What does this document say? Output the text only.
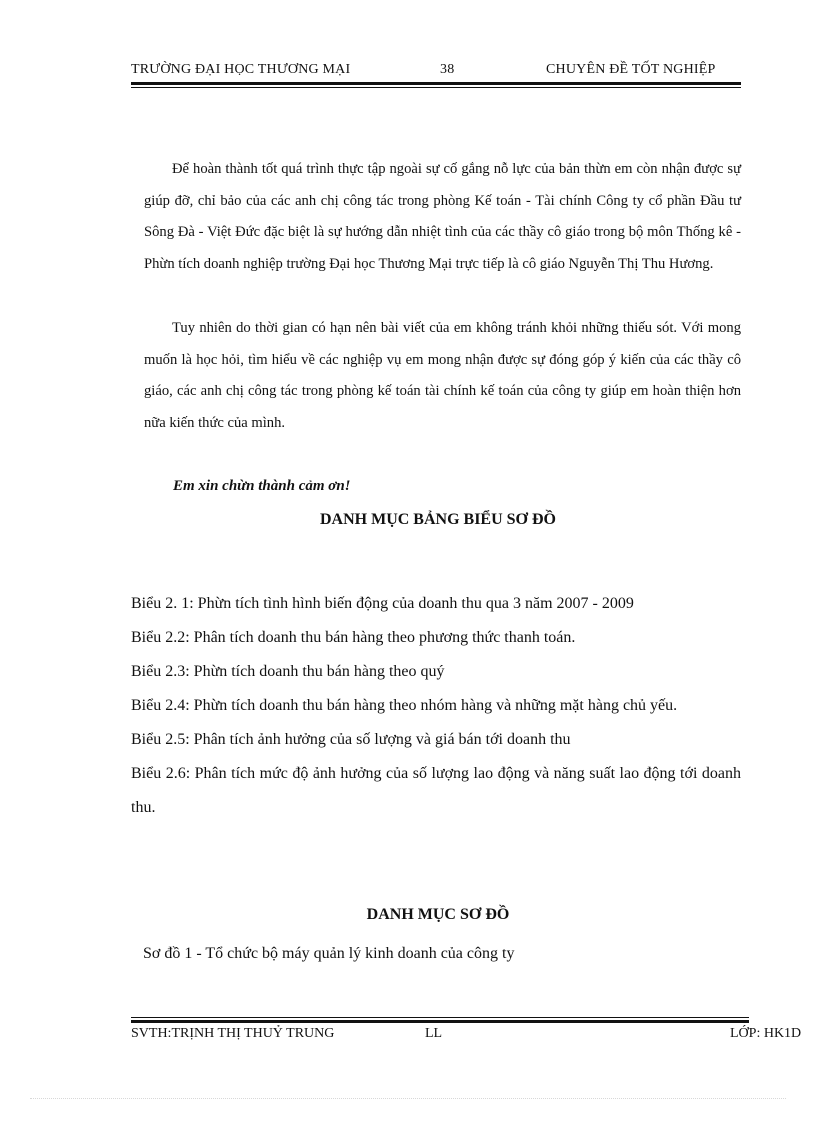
TRƯỜNG ĐẠI HỌC THƯƠNG MẠI	38	CHUYÊN ĐỀ TỐT NGHIỆP

Để hoàn thành tốt quá trình thực tập ngoài sự cố gắng nỗ lực của bản thừn em còn nhận được sự giúp đỡ, chỉ bảo của các anh chị công tác trong phòng Kế toán - Tài chính Công ty cổ phần Đầu tư Sông Đà - Việt Đức đặc biệt là sự hướng dẫn nhiệt tình của các thầy cô giáo trong bộ môn Thống kê - Phừn tích doanh nghiệp trường Đại học Thương Mại trực tiếp là cô giáo Nguyễn Thị Thu Hương.

Tuy nhiên do thời gian có hạn nên bài viết của em không tránh khỏi những thiếu sót. Với mong muốn là học hỏi, tìm hiểu về các nghiệp vụ em mong nhận được sự đóng góp ý kiến của các thầy cô giáo, các anh chị công tác trong phòng kế toán tài chính kế toán của công ty giúp em hoàn thiện hơn nữa kiến thức của mình.

Em xin chừn thành cảm ơn!
DANH MỤC BẢNG BIỂU SƠ ĐỒ
Biểu 2. 1: Phừn tích tình hình biến động của doanh thu qua 3 năm 2007 - 2009
Biểu 2.2: Phân tích doanh thu bán hàng theo phương thức thanh toán.
Biểu 2.3: Phừn tích doanh thu bán hàng theo quý
Biểu 2.4: Phừn tích doanh thu bán hàng theo nhóm hàng và những mặt hàng chủ yếu.
Biểu 2.5: Phân tích ảnh hưởng của số lượng và giá bán tới doanh thu
Biểu 2.6: Phân tích mức độ ảnh hưởng của số lượng lao động và năng suất lao động tới doanh thu.
DANH MỤC SƠ ĐỒ
Sơ đồ 1 - Tổ chức bộ máy quản lý kinh doanh của công ty
SVTH:TRỊNH THỊ THUỶ TRUNG	LL	LỚP: HK1D
